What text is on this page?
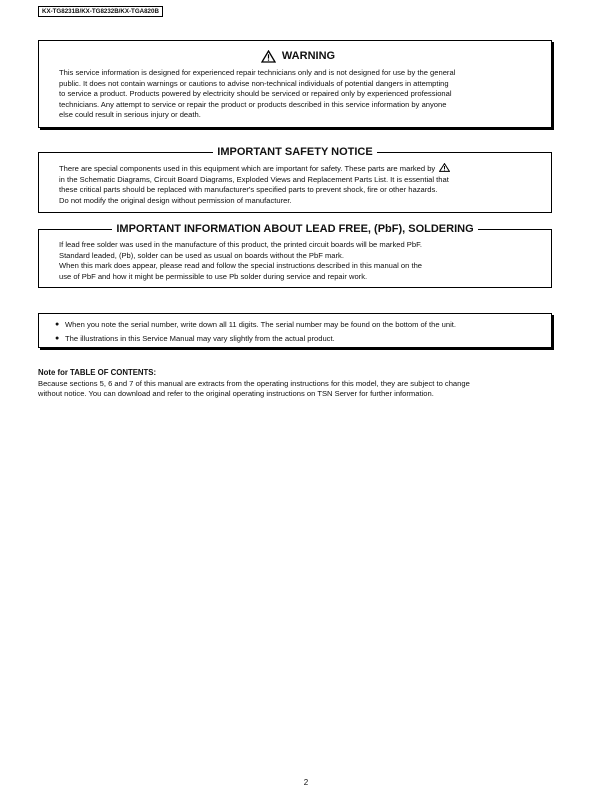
KX-TG8231B/KX-TG8232B/KX-TGA820B
WARNING

This service information is designed for experienced repair technicians only and is not designed for use by the general

public. It does not contain warnings or cautions to advise non-technical individuals of potential dangers in attempting

to service a product. Products powered by electricity should be serviced or repaired only by experienced professional

technicians. Any attempt to service or repair the product or products described in this service information by anyone

else could result in serious injury or death.

IMPORTANT SAFETY NOTICE

There are special components used in this equipment which are important for safety. These parts are marked by

in the Schematic Diagrams, Circuit Board Diagrams, Exploded Views and Replacement Parts List. It is essential that

these critical parts should be replaced with manufacturer's specified parts to prevent shock, fire or other hazards.

Do not modify the original design without permission of manufacturer.

IMPORTANT INFORMATION ABOUT LEAD FREE, (PbF), SOLDERING

If lead free solder was used in the manufacture of this product, the printed circuit boards will be marked PbF.

Standard leaded, (Pb), solder can be used as usual on boards without the PbF mark.

When this mark does appear, please read and follow the special instructions described in this manual on the

use of PbF and how it might be permissible to use Pb solder during service and repair work.

● When you note the serial number, write down all 11 digits. The serial number may be found on the bottom of the unit.
● The illustrations in this Service Manual may vary slightly from the actual product.
Note for TABLE OF CONTENTS:

Because sections 5, 6 and 7 of this manual are extracts from the operating instructions for this model, they are subject to change

without notice. You can download and refer to the original operating instructions on TSN Server for further information.

2
